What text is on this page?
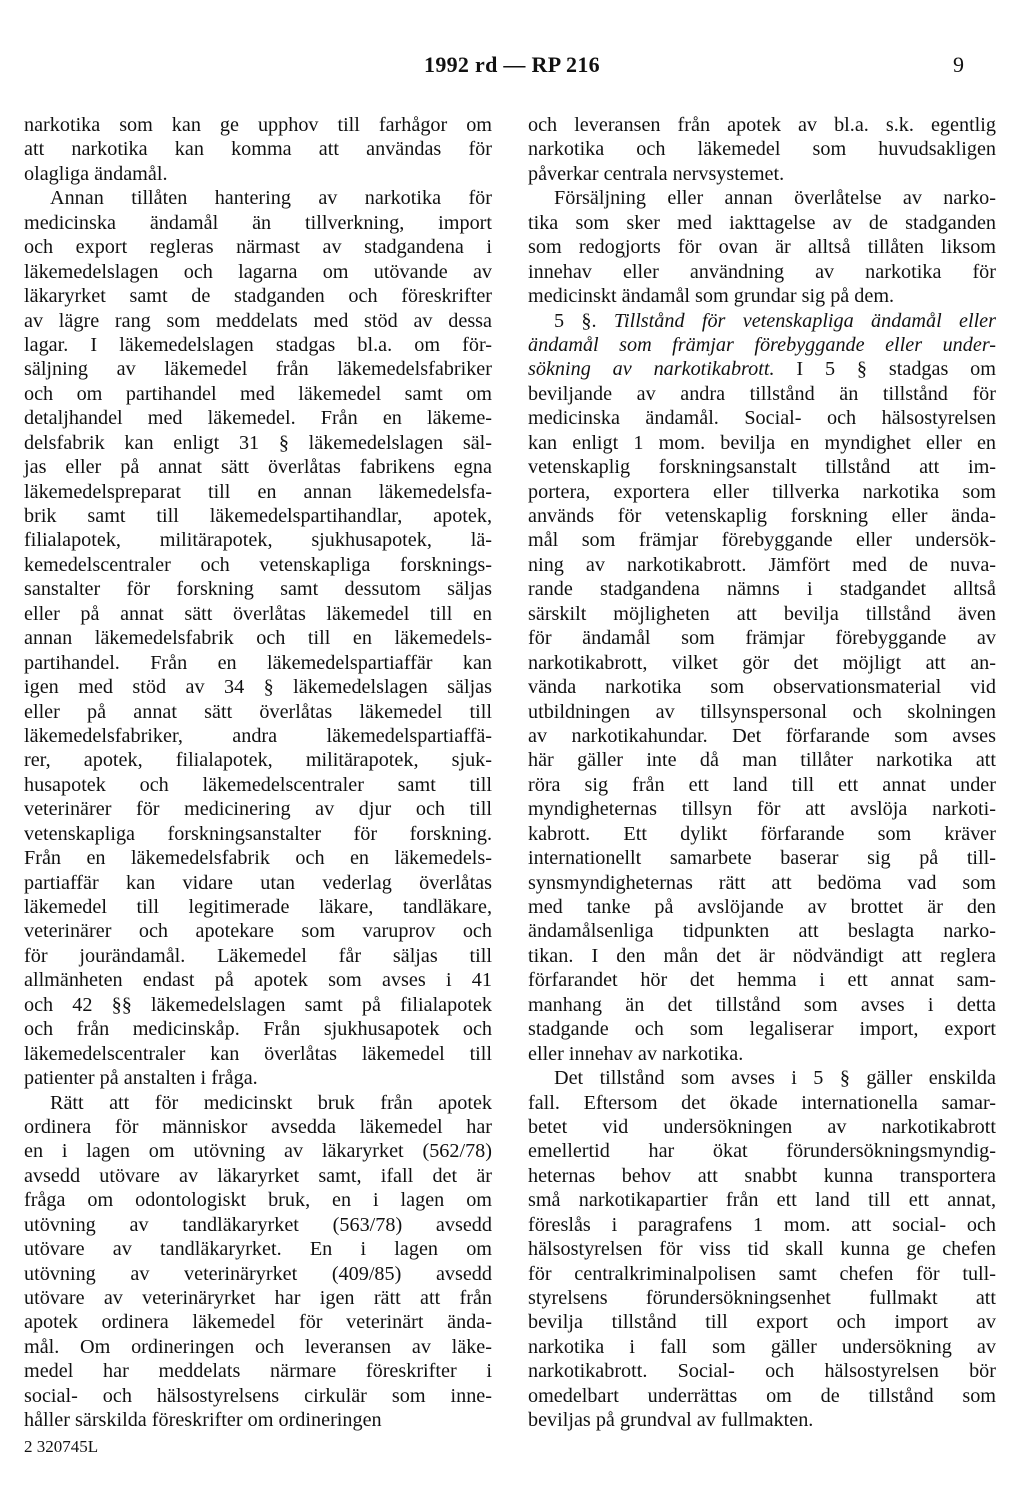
1992 rd — RP 216	9
narkotika som kan ge upphov till farhågor om
att narkotika kan komma att användas för
olagliga ändamål.
Annan tillåten hantering av narkotika för
medicinska ändamål än tillverkning, import
och export regleras närmast av stadgandena i
läkemedelslagen och lagarna om utövande av
läkaryrket samt de stadganden och föreskrifter
av lägre rang som meddelats med stöd av dessa
lagar. I läkemedelslagen stadgas bl.a. om för-
säljning av läkemedel från läkemedelsfabriker
och om partihandel med läkemedel samt om
detaljhandel med läkemedel. Från en läkeme-
delsfabrik kan enligt 31 § läkemedelslagen säl-
jas eller på annat sätt överlåtas fabrikens egna
läkemedelspreparat till en annan läkemedelsfa-
brik samt till läkemedelspartihandlar, apotek,
filialapotek, militärapotek, sjukhusapotek, lä-
kemedelscentraler och vetenskapliga forsknings-
sanstalter för forskning samt dessutom säljas
eller på annat sätt överlåtas läkemedel till en
annan läkemedelsfabrik och till en läkemedels-
partihandel. Från en läkemedelspartiaffär kan
igen med stöd av 34 § läkemedelslagen säljas
eller på annat sätt överlåtas läkemedel till
läkemedelsfabriker, andra läkemedelspartiaffä-
rer, apotek, filialapotek, militärapotek, sjuk-
husapotek och läkemedelscentraler samt till
veterinärer för medicinering av djur och till
vetenskapliga forskningsanstalter för forskning.
Från en läkemedelsfabrik och en läkemedels-
partiaffär kan vidare utan vederlag överlåtas
läkemedel till legitimerade läkare, tandläkare,
veterinärer och apotekare som varuprov och
för jourändamål. Läkemedel får säljas till
allmänheten endast på apotek som avses i 41
och 42 §§ läkemedelslagen samt på filialapotek
och från medicinskåp. Från sjukhusapotek och
läkemedelscentraler kan överlåtas läkemedel till
patienter på anstalten i fråga.
Rätt att för medicinskt bruk från apotek
ordinera för människor avsedda läkemedel har
en i lagen om utövning av läkaryrket (562/78)
avsedd utövare av läkaryrket samt, ifall det är
fråga om odontologiskt bruk, en i lagen om
utövning av tandläkaryrket (563/78) avsedd
utövare av tandläkaryrket. En i lagen om
utövning av veterinäryrket (409/85) avsedd
utövare av veterinäryrket har igen rätt att från
apotek ordinera läkemedel för veterinärt ända-
mål. Om ordineringen och leveransen av läke-
medel har meddelats närmare föreskrifter i
social- och hälsostyrelsens cirkulär som inne-
håller särskilda föreskrifter om ordineringen
och leveransen från apotek av bl.a. s.k. egentlig
narkotika och läkemedel som huvudsakligen
påverkar centrala nervsystemet.
Försäljning eller annan överlåtelse av narko-
tika som sker med iakttagelse av de stadganden
som redogjorts för ovan är alltså tillåten liksom
innehav eller användning av narkotika för
medicinskt ändamål som grundar sig på dem.
5 §. Tillstånd för vetenskapliga ändamål eller
ändamål som främjar förebyggande eller under-
sökning av narkotikabrott. I 5 § stadgas om
beviljande av andra tillstånd än tillstånd för
medicinska ändamål. Social- och hälsostyrelsen
kan enligt 1 mom. bevilja en myndighet eller en
vetenskaplig forskningsanstalt tillstånd att im-
portera, exportera eller tillverka narkotika som
används för vetenskaplig forskning eller ända-
mål som främjar förebyggande eller undersök-
ning av narkotikabrott. Jämfört med de nuva-
rande stadgandena nämns i stadgandet alltså
särskilt möjligheten att bevilja tillstånd även
för ändamål som främjar förebyggande av
narkotikabrott, vilket gör det möjligt att an-
vända narkotika som observationsmaterial vid
utbildningen av tillsynspersonal och skolningen
av narkotikahundar. Det förfarande som avses
här gäller inte då man tillåter narkotika att
röra sig från ett land till ett annat under
myndigheternas tillsyn för att avslöja narkoti-
kabrott. Ett dylikt förfarande som kräver
internationellt samarbete baserar sig på till-
synsmyndigheternas rätt att bedöma vad som
med tanke på avslöjande av brottet är den
ändamålsenliga tidpunkten att beslagta narko-
tikan. I den mån det är nödvändigt att reglera
förfarandet hör det hemma i ett annat sam-
manhang än det tillstånd som avses i detta
stadgande och som legaliserar import, export
eller innehav av narkotika.
Det tillstånd som avses i 5 § gäller enskilda
fall. Eftersom det ökade internationella samar-
betet vid undersökningen av narkotikabrott
emellertid har ökat förundersökningsmyndig-
heternas behov att snabbt kunna transportera
små narkotikapartier från ett land till ett annat,
föreslås i paragrafens 1 mom. att social- och
hälsostyrelsen för viss tid skall kunna ge chefen
för centralkriminalpolisen samt chefen för tull-
styrelsens förundersökningsenhet fullmakt att
bevilja tillstånd till export och import av
narkotika i fall som gäller undersökning av
narkotikabrott. Social- och hälsostyrelsen bör
omedelbart underrättas om de tillstånd som
beviljas på grundval av fullmakten.
2 320745L
